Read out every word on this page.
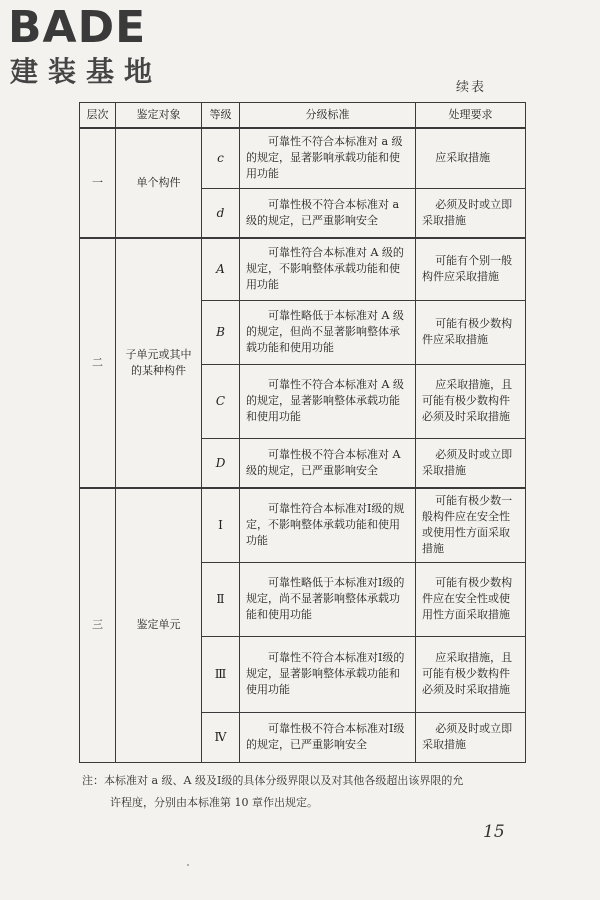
BADE
建装基地	续表
层次	鉴定对象	等级	分级标准	处理要求
一	单个构件	c	可靠性不符合本标准对 a 级的规定，显著影响承载功能和使用功能	应采取措施
		d	可靠性极不符合本标准对 a 级的规定，已严重影响安全	必须及时或立即采取措施
二	子单元或其中的某种构件	A	可靠性符合本标准对 A 级的规定，不影响整体承载功能和使用功能	可能有个别一般构件应采取措施
		B	可靠性略低于本标准对 A 级的规定，但尚不显著影响整体承载功能和使用功能	可能有极少数构件应采取措施
		C	可靠性不符合本标准对 A 级的规定，显著影响整体承载功能和使用功能	应采取措施，且可能有极少数构件必须及时采取措施
		D	可靠性极不符合本标准对 A 级的规定，已严重影响安全	必须及时或立即采取措施
三	鉴定单元	Ⅰ	可靠性符合本标准对Ⅰ级的规定，不影响整体承载功能和使用功能	可能有极少数一般构件应在安全性或使用性方面采取措施
		Ⅱ	可靠性略低于本标准对Ⅰ级的规定，尚不显著影响整体承载功能和使用功能	可能有极少数构件应在安全性或使用性方面采取措施
		Ⅲ	可靠性不符合本标准对Ⅰ级的规定，显著影响整体承载功能和使用功能	应采取措施，且可能有极少数构件必须及时采取措施
		Ⅳ	可靠性极不符合本标准对Ⅰ级的规定，已严重影响安全	必须及时或立即采取措施
注：本标准对 a 级、A 级及Ⅰ级的具体分级界限以及对其他各级超出该界限的允
许程度，分别由本标准第 10 章作出规定。
15
